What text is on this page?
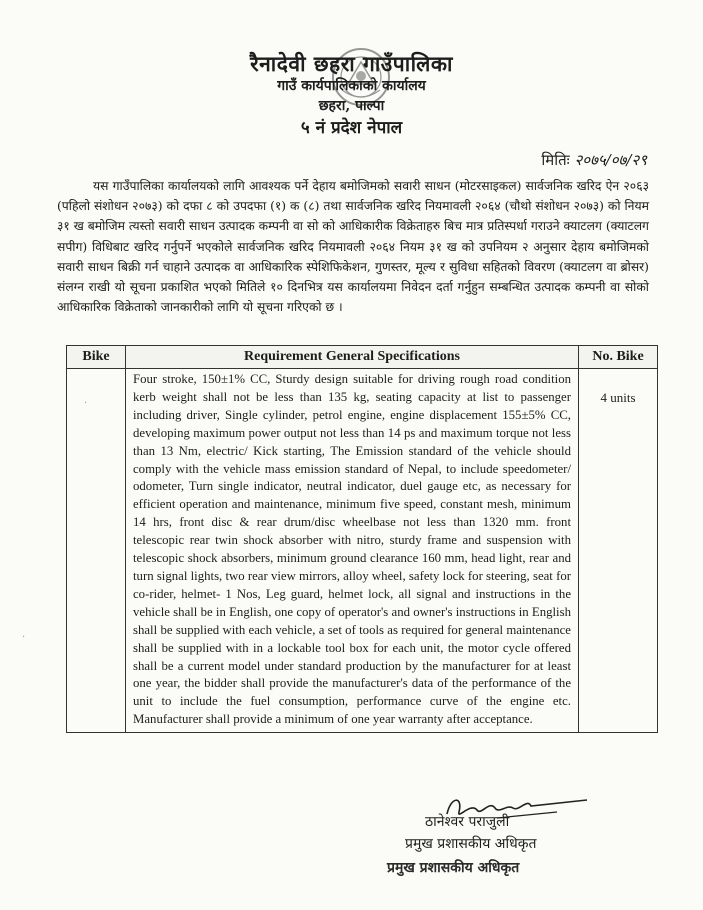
रैनादेवी छहरा गाउँपालिका
गाउँ कार्यपालिकाको कार्यालय
छहरा, पाल्पा
५ नं प्रदेश नेपाल
मितिः २०७५/०७/२९
यस गाउँपालिका कार्यालयको लागि आवश्यक पर्ने देहाय बमोजिमको सवारी साधन (मोटरसाइकल) सार्वजनिक खरिद ऐन २०६३ (पहिलो संशोधन २०७३) को दफा ८ को उपदफा (१) क (८) तथा सार्वजनिक खरिद नियमावली २०६४ (चौथो संशोधन २०७३) को नियम ३१ ख बमोजिम त्यस्तो सवारी साधन उत्पादक कम्पनी वा सो को आधिकारीक विक्रेताहरु बिच मात्र प्रतिस्पर्धा गराउने क्याटलग (क्याटलग सपीग) विधिबाट खरिद गर्नुपर्ने भएकोले सार्वजनिक खरिद नियमावली २०६४ नियम ३१ ख को उपनियम २ अनुसार देहाय बमोजिमको सवारी साधन बिक्री गर्न चाहाने उत्पादक वा आधिकारिक स्पेशिफिकेशन, गुणस्तर, मूल्य र सुविधा सहितको विवरण (क्याटलग वा ब्रोसर) संलग्न राखी यो सूचना प्रकाशित भएको मितिले १० दिनभित्र यस कार्यालयमा निवेदन दर्ता गर्नुहुन सम्बन्धित उत्पादक कम्पनी वा सोको आधिकारिक विक्रेताको जानकारीको लागि यो सूचना गरिएको छ ।
Bike	Requirement General Specifications	No. Bike

	Four stroke, 150±1% CC, Sturdy design suitable for driving rough road condition kerb weight shall not be less than 135 kg, seating capacity at list to passenger including driver, Single cylinder, petrol engine, engine displacement 155±5% CC, developing maximum power output not less than 14 ps and maximum torque not less than 13 Nm, electric/ Kick starting, The Emission standard of the vehicle should comply with the vehicle mass emission standard of Nepal, to include speedometer/ odometer, Turn single indicator, neutral indicator, duel gauge etc, as necessary for efficient operation and maintenance, minimum five speed, constant mesh, minimum 14 hrs, front disc & rear drum/disc wheelbase not less than 1320 mm. front telescopic rear twin shock absorber with nitro, sturdy frame and suspension with telescopic shock absorbers, minimum ground clearance 160 mm, head light, rear and turn signal lights, two rear view mirrors, alloy wheel, safety lock for steering, seat for co-rider, helmet- 1 Nos, Leg guard, helmet lock, all signal and instructions in the vehicle shall be in English, one copy of operator's and owner's instructions in English shall be supplied with each vehicle, a set of tools as required for general maintenance shall be supplied with in a lockable tool box for each unit, the motor cycle offered shall be a current model under standard production by the manufacturer for at least one year, the bidder shall provide the manufacturer's data of the performance of the unit to include the fuel consumption, performance curve of the engine etc. Manufacturer shall provide a minimum of one year warranty after acceptance.	4 units
ठानेश्वर पराजुली
प्रमुख प्रशासकीय अधिकृत
प्रमुख प्रशासकीय अधिकृत
·
·
